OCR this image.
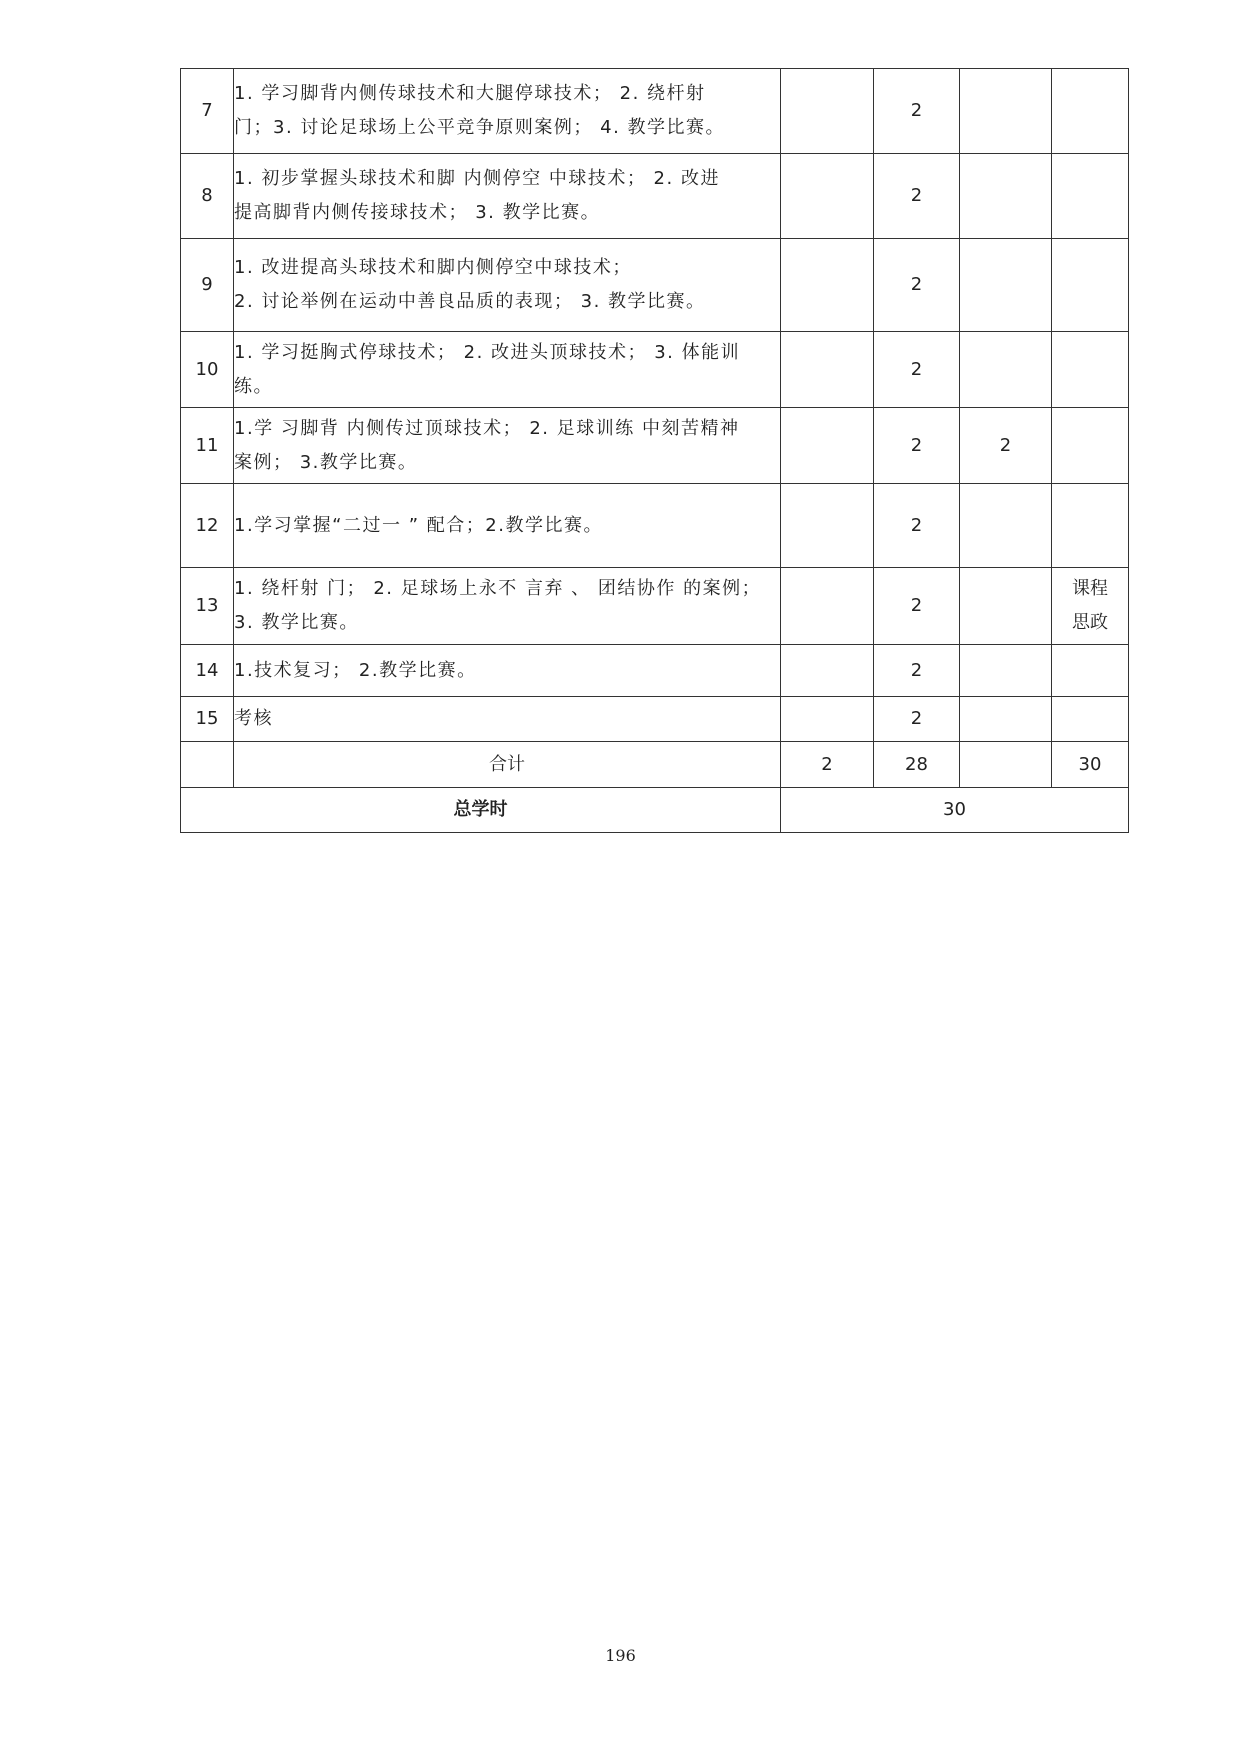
7	1. 学习脚背内侧传球技术和大腿停球技术； 2. 绕杆射
门；3. 讨论足球场上公平竞争原则案例； 4. 教学比赛。		2		
8	1. 初步掌握头球技术和脚 内侧停空 中球技术； 2. 改进
提高脚背内侧传接球技术； 3. 教学比赛。		2		
9	1. 改进提高头球技术和脚内侧停空中球技术；
2. 讨论举例在运动中善良品质的表现； 3. 教学比赛。		2		
10	1. 学习挺胸式停球技术； 2. 改进头顶球技术； 3. 体能训
练。		2		
11	1.学 习脚背 内侧传过顶球技术； 2. 足球训练 中刻苦精神
案例； 3.教学比赛。		2	2	
12	1.学习掌握“二过一 ” 配合；2.教学比赛。		2		
13	1. 绕杆射 门； 2. 足球场上永不 言弃 、 团结协作 的案例；
3. 教学比赛。		2		课程思政
14	1.技术复习； 2.教学比赛。		2		
15	考核		2		
	合计	2	28		30
总学时		30			
196
